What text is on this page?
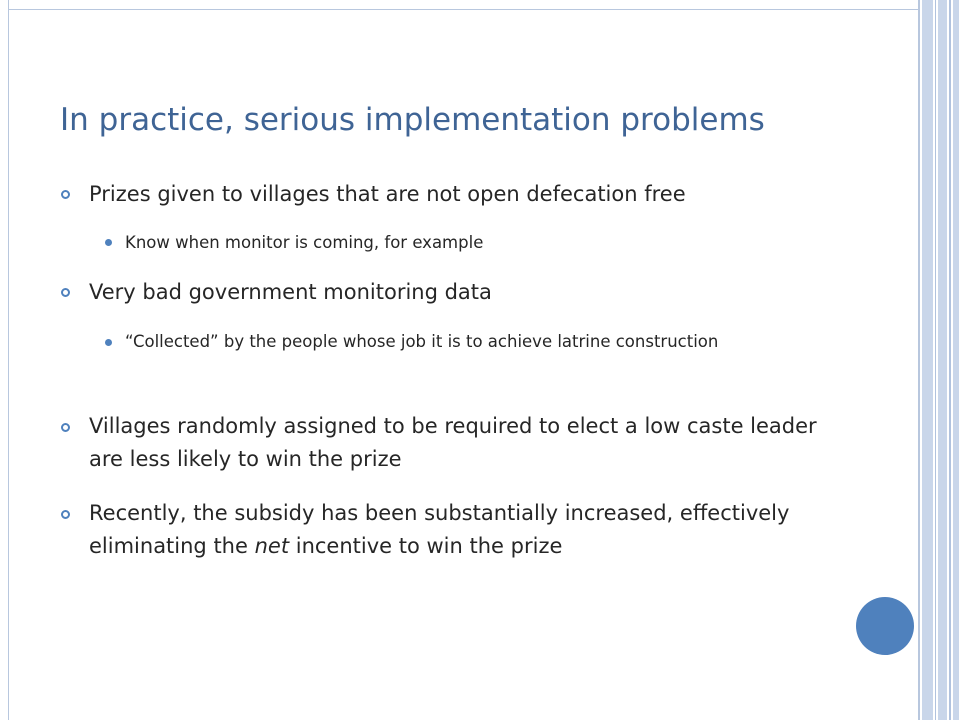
In practice, serious implementation problems
Prizes given to villages that are not open defecation free
Know when monitor is coming, for example
Very bad government monitoring data
“Collected” by the people whose job it is to achieve latrine construction
Villages randomly assigned to be required to elect a low caste leader are less likely to win the prize
Recently, the subsidy has been substantially increased, effectively eliminating the net incentive to win the prize
